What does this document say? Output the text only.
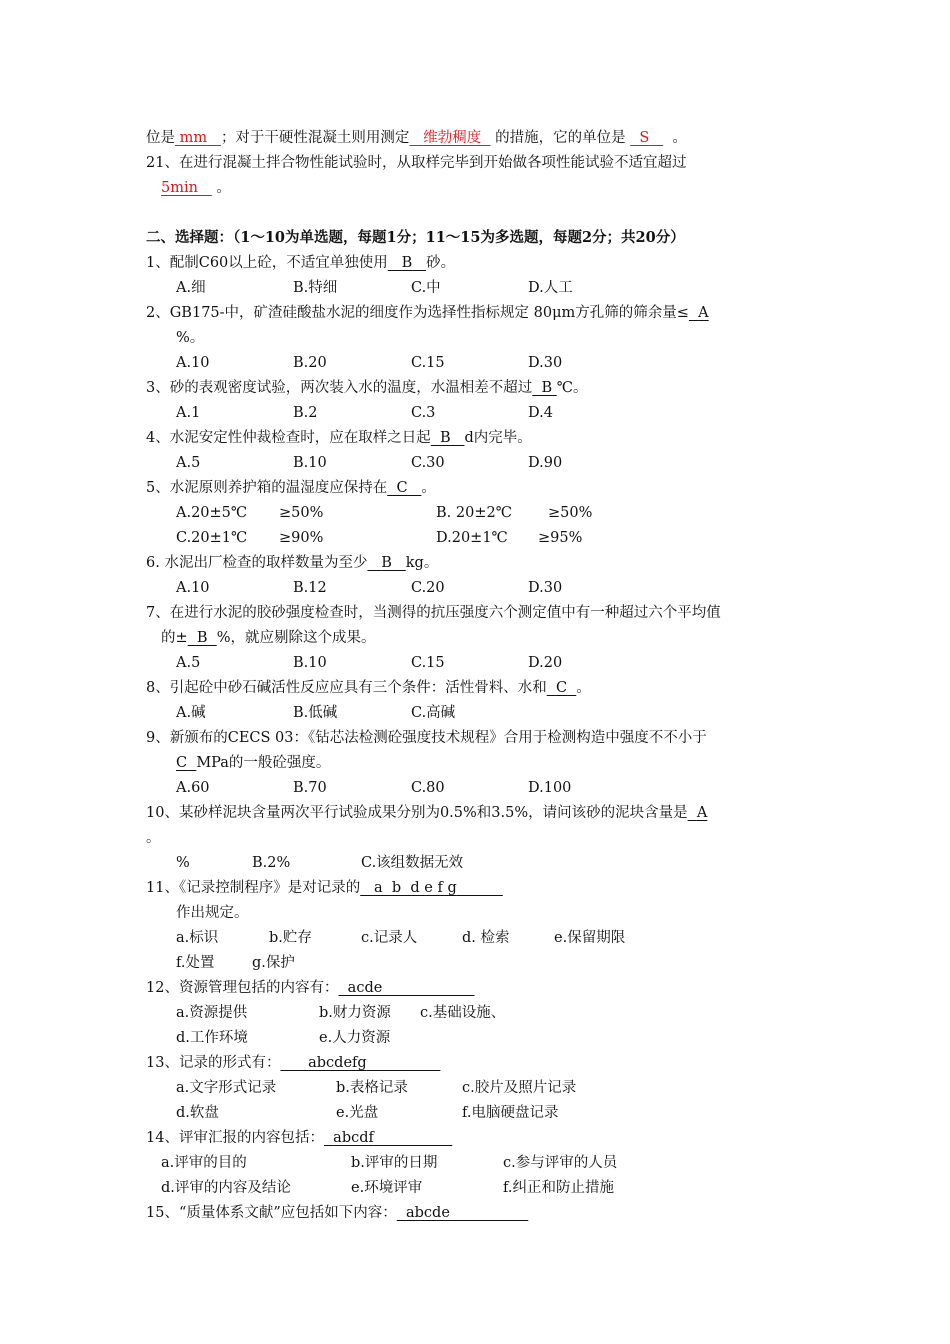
位是 mm ；对于干硬性混凝土则用测定 维勃稠度 的措施，它的单位是 S 。
21、在进行混凝土拌合物性能试验时，从取样完毕到开始做各项性能试验不适宜超过
5min 。
二、选择题：（1～10为单选题，每题1分；11～15为多选题，每题2分；共20分）
1、配制C60以上砼，不适宜单独使用 B 砂。
A.细	B.特细	C.中	D.人工
2、GB175-中，矿渣硅酸盐水泥的细度作为选择性指标规定 80μm方孔筛的筛余量≤ A
%。
A.10	B.20	C.15	D.30
3、砂的表观密度试验，两次装入水的温度，水温相差不超过 B ℃。
A.1	B.2	C.3	D.4
4、水泥安定性仲裁检查时，应在取样之日起 B d内完毕。
A.5	B.10	C.30	D.90
5、水泥原则养护箱的温湿度应保持在 C 。
A.20±5℃ ≥50%	B. 20±2℃ ≥50%
C.20±1℃ ≥90%	D.20±1℃ ≥95%
6. 水泥出厂检查的取样数量为至少 B kg。
A.10	B.12	C.20	D.30
7、在进行水泥的胶砂强度检查时，当测得的抗压强度六个测定值中有一种超过六个平均值
的± B %，就应剔除这个成果。
A.5	B.10	C.15	D.20
8、引起砼中砂石碱活性反应应具有三个条件：活性骨料、水和 C 。
A.碱	B.低碱	C.高碱
9、新颁布的CECS 03：《钻芯法检测砼强度技术规程》合用于检测构造中强度不不小于
C MPa的一般砼强度。
A.60	B.70	C.80	D.100
10、某砂样泥块含量两次平行试验成果分别为0.5%和3.5%，请问该砂的泥块含量是 A
。
%	B.2%	C.该组数据无效
11、《记录控制程序》是对记录的 a  b  d e f g
作出规定。
a.标识	b.贮存	c.记录人	d. 检索	e.保留期限
f.处置	g.保护
12、资源管理包括的内容有： acde
a.资源提供	b.财力资源 c.基础设施、
d.工作环境	e.人力资源
13、记录的形式有： abcdefg
a.文字形式记录	b.表格记录	c.胶片及照片记录
d.软盘	e.光盘	f.电脑硬盘记录
14、评审汇报的内容包括： abcdf
a.评审的目的	b.评审的日期	c.参与评审的人员
d.评审的内容及结论	e.环境评审	f.纠正和防止措施
15、“质量体系文献”应包括如下内容： abcde
